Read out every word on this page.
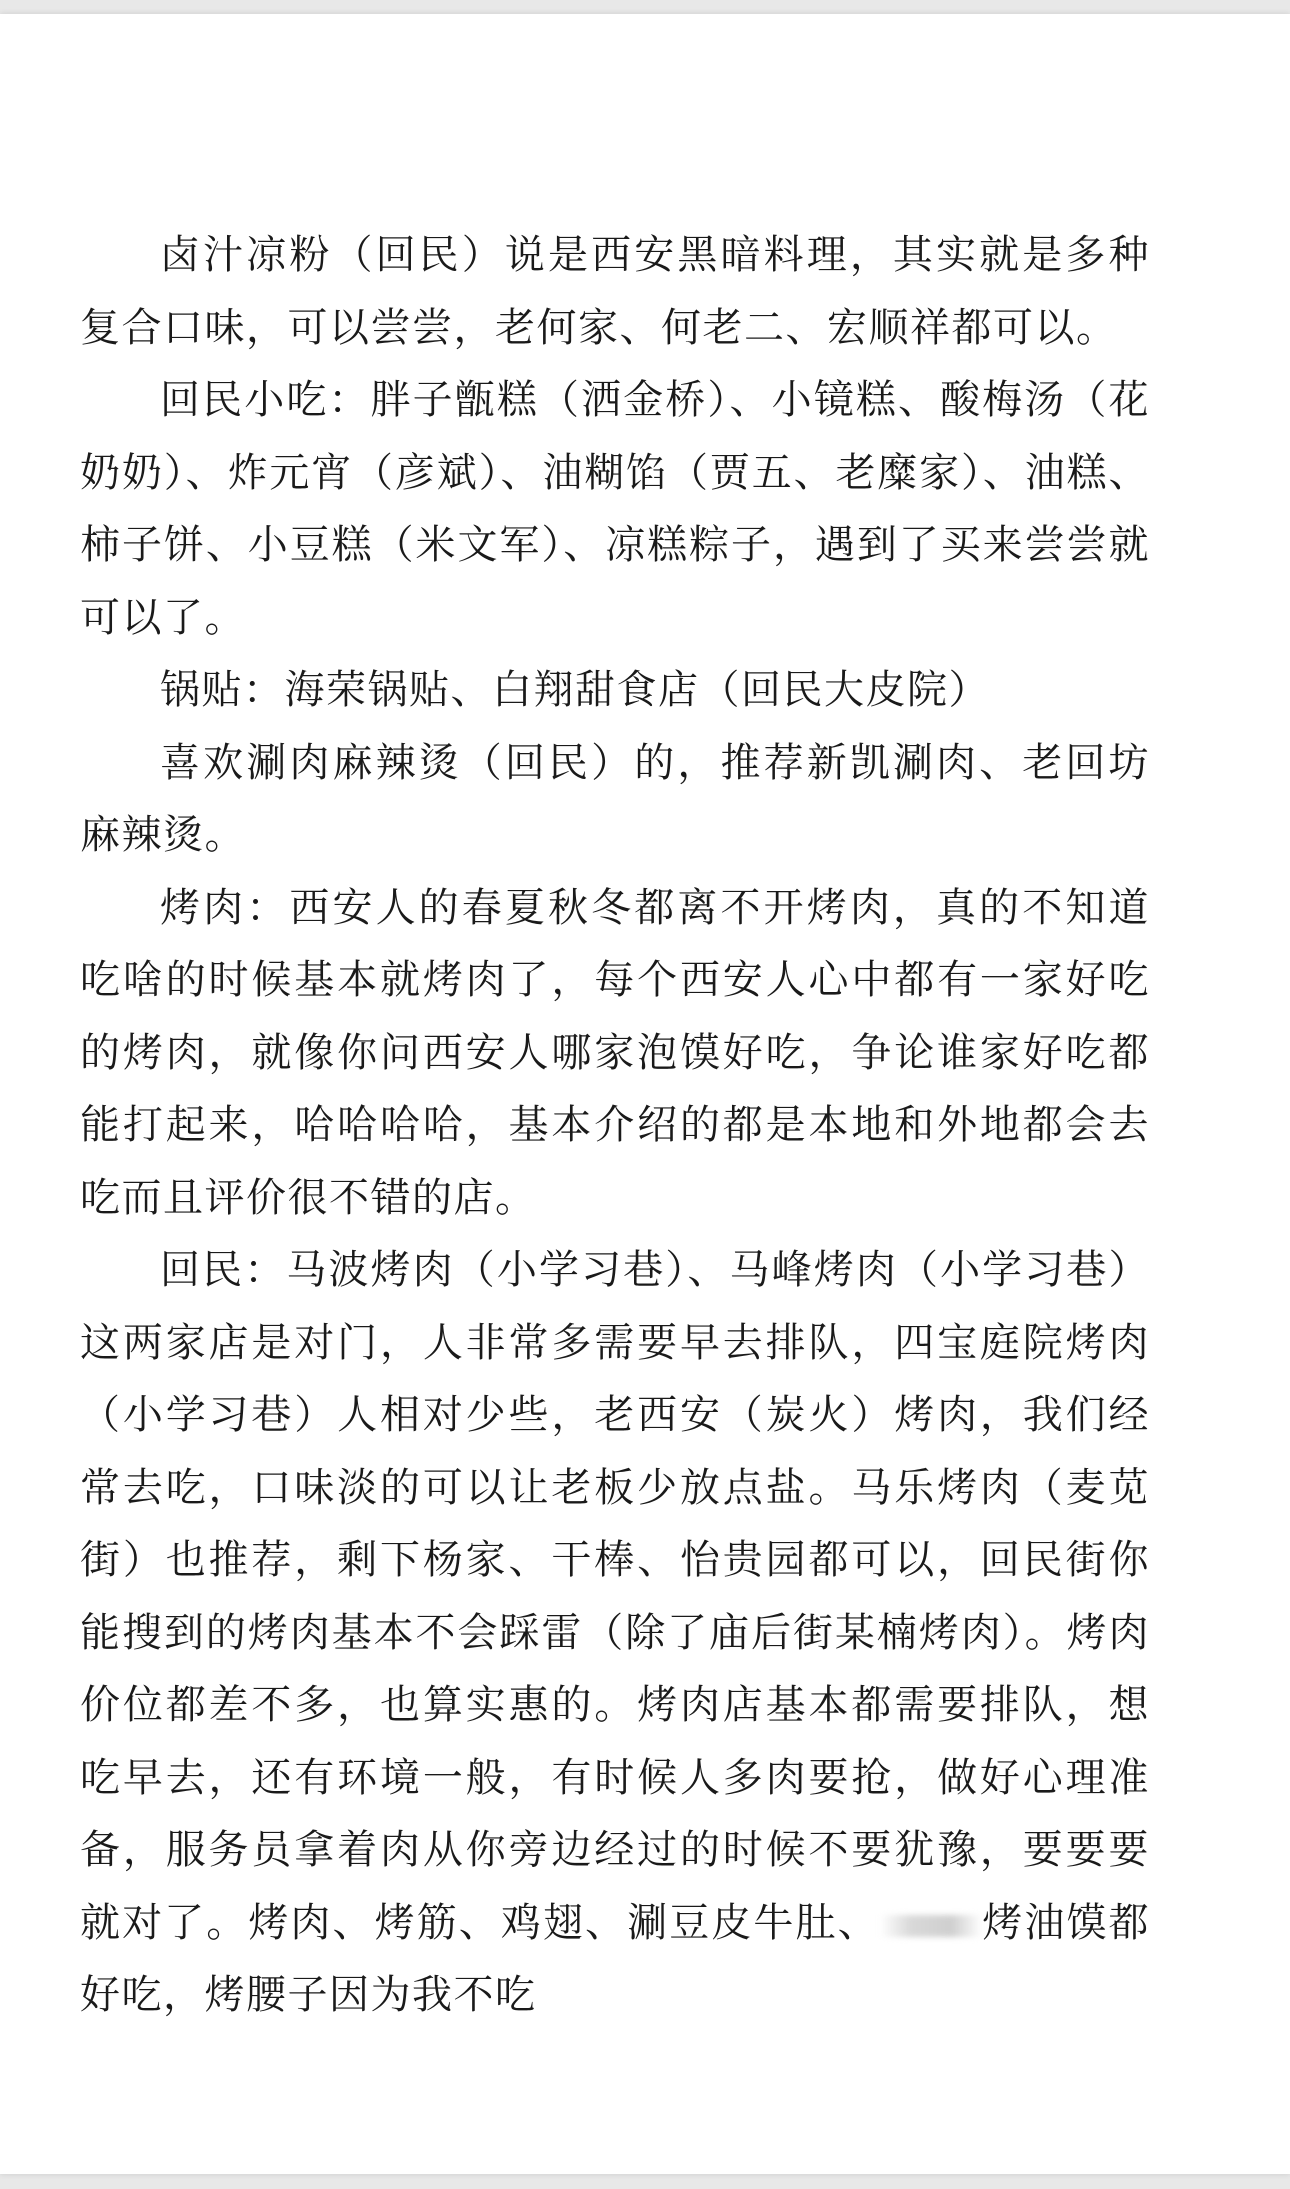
卤汁凉粉（回民）说是西安黑暗料理，其实就是多种复合口味，可以尝尝，老何家、何老二、宏顺祥都可以。

回民小吃：胖子甑糕（洒金桥）、小镜糕、酸梅汤（花奶奶）、炸元宵（彦斌）、油糊馅（贾五、老糜家）、油糕、柿子饼、小豆糕（米文军）、凉糕粽子，遇到了买来尝尝就可以了。

锅贴：海荣锅贴、白翔甜食店（回民大皮院）

喜欢涮肉麻辣烫（回民）的，推荐新凯涮肉、老回坊麻辣烫。

烤肉：西安人的春夏秋冬都离不开烤肉，真的不知道吃啥的时候基本就烤肉了，每个西安人心中都有一家好吃的烤肉，就像你问西安人哪家泡馍好吃，争论谁家好吃都能打起来，哈哈哈哈，基本介绍的都是本地和外地都会去吃而且评价很不错的店。

回民：马波烤肉（小学习巷）、马峰烤肉（小学习巷）这两家店是对门，人非常多需要早去排队，四宝庭院烤肉（小学习巷）人相对少些，老西安（炭火）烤肉，我们经常去吃，口味淡的可以让老板少放点盐。马乐烤肉（麦苋街）也推荐，剩下杨家、干棒、怡贵园都可以，回民街你能搜到的烤肉基本不会踩雷（除了庙后街某楠烤肉）。烤肉价位都差不多，也算实惠的。烤肉店基本都需要排队，想吃早去，还有环境一般，有时候人多肉要抢，做好心理准备，服务员拿着肉从你旁边经过的时候不要犹豫，要要要就对了。烤肉、烤筋、鸡翅、涮豆皮牛肚、	烤油馍都好吃，烤腰子因为我不吃
